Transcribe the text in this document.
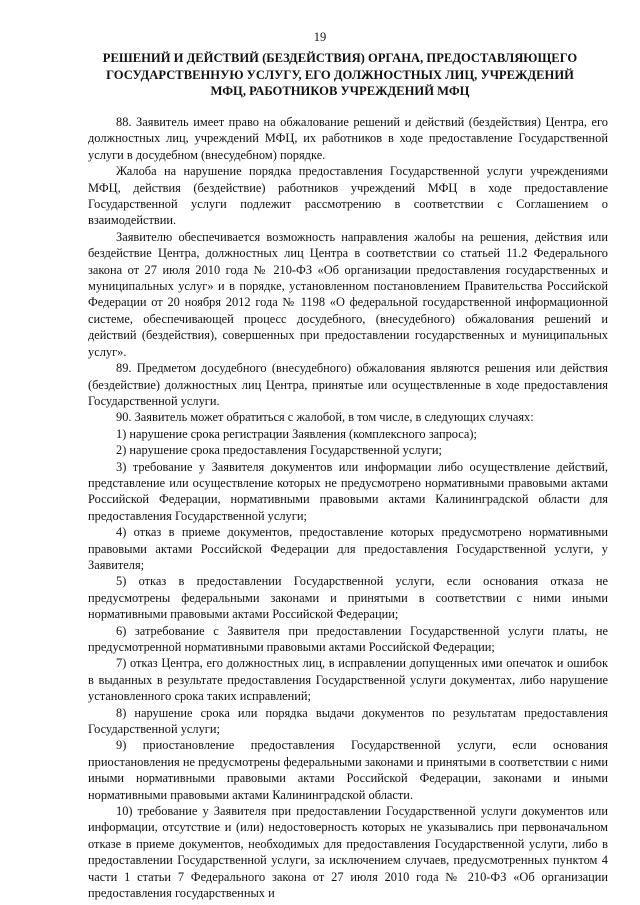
19
РЕШЕНИЙ И ДЕЙСТВИЙ (БЕЗДЕЙСТВИЯ) ОРГАНА, ПРЕДОСТАВЛЯЮЩЕГО
ГОСУДАРСТВЕННУЮ УСЛУГУ, ЕГО ДОЛЖНОСТНЫХ ЛИЦ, УЧРЕЖДЕНИЙ
МФЦ, РАБОТНИКОВ УЧРЕЖДЕНИЙ МФЦ

88. Заявитель имеет право на обжалование решений и действий (бездействия) Центра, его должностных лиц, учреждений МФЦ, их работников в ходе предоставление Государственной услуги в досудебном (внесудебном) порядке.

Жалоба на нарушение порядка предоставления Государственной услуги учреждениями МФЦ, действия (бездействие) работников учреждений МФЦ в ходе предоставление Государственной услуги подлежит рассмотрению в соответствии с Соглашением о взаимодействии.

Заявителю обеспечивается возможность направления жалобы на решения, действия или бездействие Центра, должностных лиц Центра в соответствии со статьей 11.2 Федерального закона от 27 июля 2010 года № 210-ФЗ «Об организации предоставления государственных и муниципальных услуг» и в порядке, установленном постановлением Правительства Российской Федерации от 20 ноября 2012 года № 1198 «О федеральной государственной информационной системе, обеспечивающей процесс досудебного, (внесудебного) обжалования решений и действий (бездействия), совершенных при предоставлении государственных и муниципальных услуг».

89. Предметом досудебного (внесудебного) обжалования являются решения или действия (бездействие) должностных лиц Центра, принятые или осуществленные в ходе предоставления Государственной услуги.

90. Заявитель может обратиться с жалобой, в том числе, в следующих случаях:

1) нарушение срока регистрации Заявления (комплексного запроса);

2) нарушение срока предоставления Государственной услуги;

3) требование у Заявителя документов или информации либо осуществление действий, представление или осуществление которых не предусмотрено нормативными правовыми актами Российской Федерации, нормативными правовыми актами Калининградской области для предоставления Государственной услуги;

4) отказ в приеме документов, предоставление которых предусмотрено нормативными правовыми актами Российской Федерации для предоставления Государственной услуги, у Заявителя;

5) отказ в предоставлении Государственной услуги, если основания отказа не предусмотрены федеральными законами и принятыми в соответствии с ними иными нормативными правовыми актами Российской Федерации;

6) затребование с Заявителя при предоставлении Государственной услуги платы, не предусмотренной нормативными правовыми актами Российской Федерации;

7) отказ Центра, его должностных лиц, в исправлении допущенных ими опечаток и ошибок в выданных в результате предоставления Государственной услуги документах, либо нарушение установленного срока таких исправлений;

8) нарушение срока или порядка выдачи документов по результатам предоставления Государственной услуги;

9) приостановление предоставления Государственной услуги, если основания приостановления не предусмотрены федеральными законами и принятыми в соответствии с ними иными нормативными правовыми актами Российской Федерации, законами и иными нормативными правовыми актами Калининградской области.

10) требование у Заявителя при предоставлении Государственной услуги документов или информации, отсутствие и (или) недостоверность которых не указывались при первоначальном отказе в приеме документов, необходимых для предоставления Государственной услуги, либо в предоставлении Государственной услуги, за исключением случаев, предусмотренных пунктом 4 части 1 статьи 7 Федерального закона от 27 июля 2010 года № 210-ФЗ «Об организации предоставления государственных и
